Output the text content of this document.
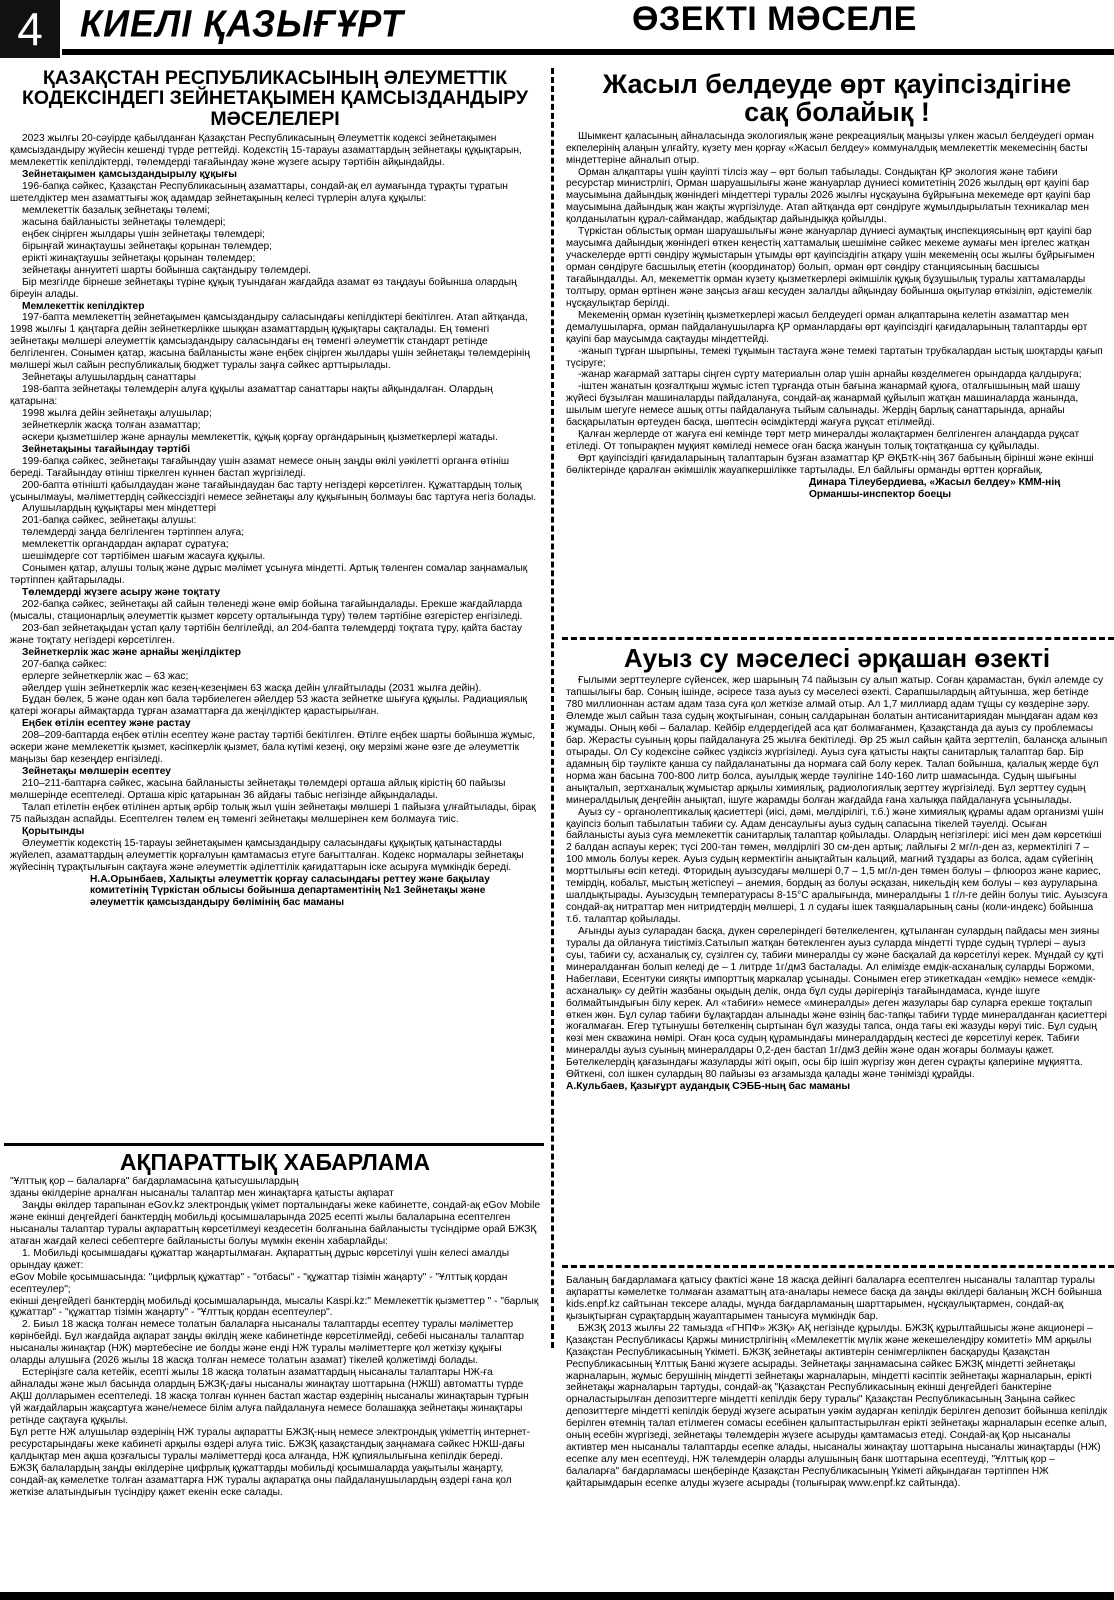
4	КИЕЛІ ҚАЗЫҒҰРТ	ӨЗЕКТІ МӘСЕЛЕ
ҚАЗАҚСТАН РЕСПУБЛИКАСЫНЫҢ ӘЛЕУМЕТТІК КОДЕКСІНДЕГІ ЗЕЙНЕТАҚЫМЕН ҚАМСЫЗДАНДЫРУ МӘСЕЛЕЛЕРІ

2023 жылғы 20-сәуірде қабылданған Қазақстан Республикасының Әлеуметтік кодексі зейнетақымен қамсыздандыру жүйесін кешенді түрде реттейді. Кодекстің 15-тарауы азаматтардың зейнетақы құқықтарын, мемлекеттік кепілдіктерді, төлемдерді тағайындау және жүзеге асыру тәртібін айқындайды.

Зейнетақымен қамсыздандырылу құқығы

196-бапқа сәйкес, Қазақстан Республикасының азаматтары, сондай-ақ ел аумағында тұрақты тұратын шетелдіктер мен азаматтығы жоқ адамдар зейнетақының келесі түрлерін алуға құқылы:

мемлекеттік базалық зейнетақы төлемі;

жасына байланысты зейнетақы төлемдері;

еңбек сіңірген жылдары үшін зейнетақы төлемдері;

бірыңғай жинақтаушы зейнетақы қорынан төлемдер;

ерікті жинақтаушы зейнетақы қорынан төлемдер;

зейнетақы аннуитеті шарты бойынша сақтандыру төлемдері.

Бір мезгілде бірнеше зейнетақы түріне құқық туындаған жағдайда азамат өз таңдауы бойынша олардың біреуін алады.

Мемлекеттік кепілдіктер

197-бапта мемлекеттің зейнетақымен қамсыздандыру саласындағы кепілдіктері бекітілген. Атап айтқанда, 1998 жылғы 1 қаңтарға дейін зейнеткерлікке шыққан азаматтардың құқықтары сақталады. Ең төменгі зейнетақы мөлшері әлеуметтік қамсыздандыру саласындағы ең төменгі әлеуметтік стандарт ретінде белгіленген. Сонымен қатар, жасына байланысты және еңбек сіңірген жылдары үшін зейнетақы төлемдерінің мөлшері жыл сайын республикалық бюджет туралы заңға сәйкес арттырылады.

Зейнетақы алушылардың санаттары

198-бапта зейнетақы төлемдерін алуға құқылы азаматтар санаттары нақты айқындалған. Олардың қатарына:

1998 жылға дейін зейнетақы алушылар;

зейнеткерлік жасқа толған азаматтар;

әскери қызметшілер және арнаулы мемлекеттік, құқық қорғау органдарының қызметкерлері жатады.

Зейнетақыны тағайындау тәртібі

199-бапқа сәйкес, зейнетақы тағайындау үшін азамат немесе оның заңды өкілі уәкілетті органға өтініш береді. Тағайындау өтініш тіркелген күннен бастап жүргізіледі.

200-бапта өтінішті қабылдаудан және тағайындаудан бас тарту негіздері көрсетілген. Құжаттардың толық ұсынылмауы, мәліметтердің сәйкессіздігі немесе зейнетақы алу құқығының болмауы бас тартуға негіз болады.

Алушылардың құқықтары мен міндеттері

201-бапқа сәйкес, зейнетақы алушы:

төлемдерді заңда белгіленген тәртіппен алуға;

мемлекеттік органдардан ақпарат сұратуға;

шешімдерге сот тәртібімен шағым жасауға құқылы.

Сонымен қатар, алушы толық және дұрыс мәлімет ұсынуға міндетті. Артық төленген сомалар заңнамалық тәртіппен қайтарылады.

Төлемдерді жүзеге асыру және тоқтату

202-бапқа сәйкес, зейнетақы ай сайын төленеді және өмір бойына тағайындалады. Ерекше жағдайларда (мысалы, стационарлық әлеуметтік қызмет көрсету орталығында тұру) төлем тәртібіне өзгерістер енгізіледі.

203-бап зейнетақыдан ұстап қалу тәртібін белгілейді, ал 204-бапта төлемдерді тоқтата тұру, қайта бастау және тоқтату негіздері көрсетілген.

Зейнеткерлік жас және арнайы жеңілдіктер

207-бапқа сәйкес:

ерлерге зейнеткерлік жас – 63 жас;

әйелдер үшін зейнеткерлік жас кезең-кезеңімен 63 жасқа дейін ұлғайтылады (2031 жылға дейін).

Бұдан бөлек, 5 және одан көп бала тәрбиелеген әйелдер 53 жаста зейнетке шығуға құқылы. Радиациялық қатері жоғары аймақтарда тұрған азаматтарға да жеңілдіктер қарастырылған.

Еңбек өтілін есептеу және растау

208–209-баптарда еңбек өтілін есептеу және растау тәртібі бекітілген. Өтілге еңбек шарты бойынша жұмыс, әскери және мемлекеттік қызмет, кәсіпкерлік қызмет, бала күтімі кезеңі, оқу мерзімі және өзге де әлеуметтік маңызы бар кезеңдер енгізіледі.

Зейнетақы мөлшерін есептеу

210–211-баптарға сәйкес, жасына байланысты зейнетақы төлемдері орташа айлық кірістің 60 пайызы мөлшерінде есептеледі. Орташа кіріс қатарынан 36 айдағы табыс негізінде айқындалады.

Талап етілетін еңбек өтілінен артық әрбір толық жыл үшін зейнетақы мөлшері 1 пайызға ұлғайтылады, бірақ 75 пайыздан аспайды. Есептелген төлем ең төменгі зейнетақы мөлшерінен кем болмауға тиіс.

Қорытынды

Әлеуметтік кодекстің 15-тарауы зейнетақымен қамсыздандыру саласындағы құқықтық қатынастарды жүйелеп, азаматтардың әлеуметтік қорғалуын қамтамасыз етуге бағытталған. Кодекс нормалары зейнетақы жүйесінің тұрақтылығын сақтауға және әлеуметтік әділеттілік қағидаттарын іске асыруға мүмкіндік береді.

Н.А.Орынбаев, Халықты әлеуметтік қорғау саласындағы реттеу және бақылау комитетінің Түркістан облысы бойынша департаментінің №1 Зейнетақы және әлеуметтік қамсыздандыру бөлімінің бас маманы

АҚПАРАТТЫҚ ХАБАРЛАМА

"Ұлттық қор – балаларға" бағдарламасына қатысушылардың

зданы өкілдеріне арналған нысаналы талаптар мен жинақтарға қатысты ақпарат

Заңды өкілдер тарапынан eGov.kz электрондық үкімет порталындағы жеке кабинетте, сондай-ақ eGov Mobile және екінші деңгейдегі банктердің мобильді қосымшаларында 2025 есепті жылы балаларына есептелген нысаналы талаптар туралы ақпараттың көрсетілмеуі кездесетін болғанына байланысты түсіндірме орай БЖЗҚ атаған жағдай келесі себептерге байланысты болуы мүмкін екенін хабарлайды:

1. Мобильді қосымшадағы құжаттар жаңартылмаған. Ақпараттың дұрыс көрсетілуі үшін келесі амалды орындау қажет:

eGov Mobile қосымшасында: "цифрлық құжаттар" - "отбасы" - "құжаттар тізімін жаңарту" - "Ұлттық қордан есептеулер";

екінші деңгейдегі банктердің мобильді қосымшаларында, мысалы Kaspi.kz:" Мемлекеттік қызметтер " - "барлық құжаттар" - "құжаттар тізімін жаңарту" - "Ұлттық қордан есептеулер".

2. Биыл 18 жасқа толған немесе толатын балаларға нысаналы талаптарды есептеу туралы мәліметтер көрінбейді. Бұл жағдайда ақпарат заңды өкілдің жеке кабинетінде көрсетілмейді, себебі нысаналы талаптар нысаналы жинақтар (НЖ) мәртебесіне ие болды және енді НЖ туралы мәліметтерге қол жеткізу құқығы оларды алушыға (2026 жылы 18 жасқа толған немесе толатын азамат) тікелей қолжетімді болады.

Естеріңізге сала кетейік, есепті жылы 18 жасқа толатын азаматтардың нысаналы талаптары НЖ-ға айналады және жыл басында олардың БЖЗҚ-дағы нысаналы жинақтау шоттарына (НЖШ) автоматты түрде АҚШ долларымен есептеледі. 18 жасқа толған күннен бастап жастар өздерінің нысаналы жинақтарын тұрғын үй жағдайларын жақсартуға және/немесе білім алуға пайдалануға немесе болашаққа зейнетақы жинақтары ретінде сақтауға құқылы.

Бұл ретте НЖ алушылар өздерінің НЖ туралы ақпаратты БЖЗҚ-ның немесе электрондық үкіметтің интернет-ресурстарындағы жеке кабинеті арқылы өздері алуға тиіс. БЖЗҚ қазақстандық заңнамаға сәйкес НЖШ-дағы қалдықтар мен ақша қозғалысы туралы мәліметтерді қоса алғанда, НЖ құпиялылығына кепілдік береді.

БЖЗҚ балалардың заңды өкілдеріне цифрлық құжаттарды мобильді қосымшаларда уақытылы жаңарту, сондай-ақ кәмелетке толған азаматтарға НЖ туралы ақпаратқа оны пайдаланушылардың өздері ғана қол жеткізе алатындығын түсіндіру қажет екенін еске салады.

Жасыл белдеуде өрт қауіпсіздігіне сақ болайық !

Шымкент қаласының айналасында экологиялық және рекреациялық маңызы үлкен жасыл белдеудегі орман екпелерінің алаңын ұлғайту, күзету мен қорғау «Жасыл белдеу» коммуналдық мемлекеттік мекемесінің басты міндеттеріне айналып отыр.

Орман алқаптары үшін қауіпті тілсіз жау – өрт болып табылады. Сондықтан ҚР экология және табиғи ресурстар министрлігі, Орман шаруашылығы және жануарлар дүниесі комитетінің 2026 жылдың өрт қауіпі бар маусымына дайындық жөніндегі міндеттері туралы 2026 жылғы нұсқауына бұйрығына мекемеде өрт қауіпі бар маусымына дайындық жан жақты жүргізілуде. Атап айтқанда өрт сөндіруге жұмылдырылатын техникалар мен қолданылатын құрал-саймандар, жабдықтар дайындыққа қойылды.

Түркістан облыстық орман шаруашылығы және жануарлар дүниесі аумақтық инспекциясының өрт қауіпі бар маусымға дайындық жөніндегі өткен кеңестің хаттамалық шешіміне сәйкес мекеме аумағы мен іргелес жатқан учаскелерде өртті сөндіру жұмыстарын ұтымды өрт қауіпсіздігін атқару үшін мекеменің осы жылғы бұйрығымен орман сөндіруге басшылық ететін (координатор) болып, орман өрт сөндіру станциясының басшысы тағайындалды. Ал, мекеметтік орман күзету қызметкерлері әкімшілік құқық бұзушылық туралы хаттамаларды толтыру, орман өртінен және заңсыз ағаш кесуден залалды айқындау бойынша оқытулар өткізіліп, әдістемелік нұсқаулықтар берілді.

Мекеменің орман күзетінің қызметкерлері жасыл белдеудегі орман алқаптарына келетін азаматтар мен демалушыларға, орман пайдаланушыларға ҚР орманлардағы өрт қауіпсіздігі қағидаларының талаптарды өрт қауіпі бар маусымда сақтауды міндеттейді.

-жанып тұрған шырпыны, темекі тұқымын тастауға және темекі тартатын трубкалардан ыстық шоқтарды қағып түсіруге;

-жанар жағармай заттары сіңген сүрту материалын олар үшін арнайы көзделмеген орындарда қалдыруға;

-іштен жанатын қозғалтқыш жұмыс істеп тұрғанда отын бағына жанармай құюға, оталғышының май шашу жүйесі бұзылған машиналарды пайдалануға, сондай-ақ жанармай құйылып жатқан машиналарда жанында, шылым шегуге немесе ашық отты пайдалануға тыйым салынады. Жердің барлық санаттарында, арнайы басқарылатын өртеуден басқа, шөптесін өсімдіктерді жағуға рұқсат етілмейді.

Қалған жерлерде от жағуға ені кемінде төрт метр минералды жолақтармен белгіленген алаңдарда рұқсат етіледі. От топырақпен мұқият көміледі немесе оған басқа жанұын толық тоқтатқанша су құйылады.

Өрт қауіпсіздігі қағидаларының талаптарын бұзған азаматтар ҚР ӘҚБтК-нің 367 бабының бірінші және екінші бөліктерінде қаралған әкімшілік жауапкершілікке тартылады. Ел байлығы орманды өрттен қорғайық.

Динара Тілеубердиева, «Жасыл белдеу» КММ-нің Орманшы-инспектор боецы

Ауыз су мәселесі әрқашан өзекті

Ғылыми зерттеулерге сүйенсек, жер шарының 74 пайызын су алып жатыр. Соған қарамастан, бүкіл әлемде су тапшылығы бар. Соның ішінде, әсіресе таза ауыз су мәселесі өзекті. Сарапшылардың айтуынша, жер бетінде 780 миллионнан астам адам таза суға қол жеткізе алмай отыр. Ал 1,7 миллиард адам тұщы су көздеріне зәру. Әлемде жыл сайын таза судың жоқтығынан, соның салдарынан болатын антисанитариядан мыңдаған адам көз жұмады. Оның көбі – балалар. Кейбір елдердегідей аса қат болмағанмен, Қазақстанда да ауыз су проблемасы бар. Жерасты суының қоры пайдалануға 25 жылға бекітіледі. Әр 25 жыл сайын қайта зерттеліп, балансқа алынып отырады. Ол Су кодексіне сәйкес үздіксіз жүргізіледі. Ауыз суға қатысты нақты санитарлық талаптар бар. Бір адамның бір тәулікте қанша су пайдаланатыны да нормаға сай болу керек. Талап бойынша, қалалық жерде бұл норма жан басына 700-800 литр болса, ауылдық жерде тәулігіне 140-160 литр шамасында. Судың шығыны анықталып, зертханалық жұмыстар арқылы химиялық, радиологиялық зерттеу жүргізіледі. Бұл зерттеу судың минералдылық деңгейін анықтап, ішуге жарамды болған жағдайда ғана халыққа пайдалануға ұсынылады.

Ауыз су - органолептикалық қасиеттері (иісі, дәмі, мөлдірілігі, т.б.) және химиялық құрамы адам организмі үшін қауіпсіз болып табылатын табиғи су. Адам денсаулығы ауыз судың сапасына тікелей тәуелді. Осыған байланысты ауыз суға мемлекеттік санитарлық талаптар қойылады. Олардың негізгілері: иісі мен дәм көрсеткіші 2 балдан аспауы керек; түсі 200-тан төмен, мөлдірлігі 30 см-ден артық; лайлығы 2 мг/л-ден аз, кермектілігі 7 – 100 ммоль болуы керек. Ауыз судың кермектігін анықтайтын кальций, магний тұздары аз болса, адам сүйегінің морттылығы өсіп кетеді. Фторидың ауызсудағы мөлшері 0,7 – 1,5 мг/л-ден төмен болуы – флюороз және кариес, темірдің, кобальт, мыстың жетіспеуі – анемия, бордың аз болуы әсқазан, никельдің кем болуы – көз ауруларына шалдықтырады. Ауызсудың температурасы 8-15°С аралығында, минералдығы 1 г/л-ге дейін болуы тиіс. Ауызсуға сондай-ақ нитраттар мен нитридтердің мөлшері, 1 л судағы ішек таяқшаларының саны (коли-индекс) бойынша т.б. талаптар қойылады.

Ағынды ауыз суларадан басқа, дүкен сөрелеріндегі бөтелкеленген, құтыланған сулардың пайдасы мен зияны туралы да ойлануға тиістіміз.Сатылып жатқан бөтекленген ауыз суларда міндетті түрде судың түрлері – ауыз суы, табиғи су, асханалық су, сүзілген су, табиғи минералды су және басқалай да көрсетілуі керек. Мұндай су құті минералданған болып келеді де – 1 литрде 1г/дм3 басталады. Ал елімізде емдік-асханалық суларды Боржоми, Набеглави, Есентуки сияқты импорттық маркалар ұсынады. Сонымен егер этикеткадан «емдік» немесе «емдік-асханалық» су дейтін жазбаны оқыдың делік, онда бұл суды дәрігеріңіз тағайындамаса, күнде ішуге болмайтындығын білу керек. Ал «табиғи» немесе «минералды» деген жазулары бар суларға ерекше тоқталып өткен жөн. Бұл сулар табиғи бұлақтардан алынады және өзінің бас-тапқы табиғи түрде минералданған қасиеттері жоғалмаған. Егер тұтынушы бөтелкенің сыртынан бұл жазуды тапса, онда тағы екі жазуды көруі тиіс. Бұл судың көзі мен скважина нөмірі. Оған қоса судың құрамындағы минералдардың кестесі де көрсетілуі керек. Табиғи минералды ауыз суының минералдары 0,2-ден бастап 1г/дм3 дейін және одан жоғары болмауы қажет. Бөтелкелердің қағазындағы жазуларды жіті оқып, осы бір ішіп жүргізу жөн деген сұрақты қапериіне мұқиятта. Өйткені, сол ішкен сулардың 80 пайызы өз ағзамызда қалады және тәнімізді құрайды.

А.Кульбаев, Қазығұрт аудандық СЭББ-ның бас маманы

Баланың бағдарламаға қатысу фактісі және 18 жасқа дейінгі балаларға есептелген нысаналы талаптар туралы ақпаратты кәмелетке толмаған азаматтың ата-аналары немесе басқа да заңды өкілдері баланың ЖСН бойынша kids.enpf.kz сайтынан тексере алады, мұнда бағдарламаның шарттарымен, нұсқаулықтармен, сондай-ақ қызықтырған сұрақтардың жауаптарымен танысуға мүмкіндік бар.

БЖЗҚ 2013 жылғы 22 тамызда «ГНПФ» ЖЗҚ» АҚ негізінде құрылды. БЖЗҚ құрылтайшысы және акционері – Қазақстан Республикасы Қаржы министрлігінің «Мемлекеттік мүлік және жекешелендіру комитеті» ММ арқылы Қазақстан Республикасының Үкіметі. БЖЗҚ зейнетақы активтерін сенімгерлікпен басқаруды Қазақстан Республикасының Ұлттық Банкі жүзеге асырады. Зейнетақы заңнамасына сәйкес БЖЗҚ міндетті зейнетақы жарналарын, жұмыс берушінің міндетті зейнетақы жарналарын, міндетті кәсіптік зейнетақы жарналарын, ерікті зейнетақы жарналарын тартуды, сондай-ақ "Қазақстан Республикасының екінші деңгейдегі банктеріне орналастырылған депозиттерге міндетті кепілдік беру туралы" Қазақстан Республикасының Заңына сәйкес депозиттерге міндетті кепілдік беруді жүзеге асыратын уәкім аударған кепілдік берілген депозит бойынша кепілдік берілген өтемнің талап етілмеген сомасы есебінен қалыптастырылған ерікті зейнетақы жарналарын есепке алып, оның есебін жүргізеді, зейнетақы төлемдерін жүзеге асыруды қамтамасыз етеді. Сондай-ақ Қор нысаналы активтер мен нысаналы талаптарды есепке алады, нысаналы жинақтау шоттарына нысаналы жинақтарды (НЖ) есепке алу мен есептеуді, НЖ төлемдерін оларды алушының банк шоттарына есептеуді, "Ұлттық қор – балаларға" бағдарламасы шеңберінде Қазақстан Республикасының Үкіметі айқындаған тәртіппен НЖ қайтарымдарын есепке алуды жүзеге асырады (толығырақ www.enpf.kz сайтында).
